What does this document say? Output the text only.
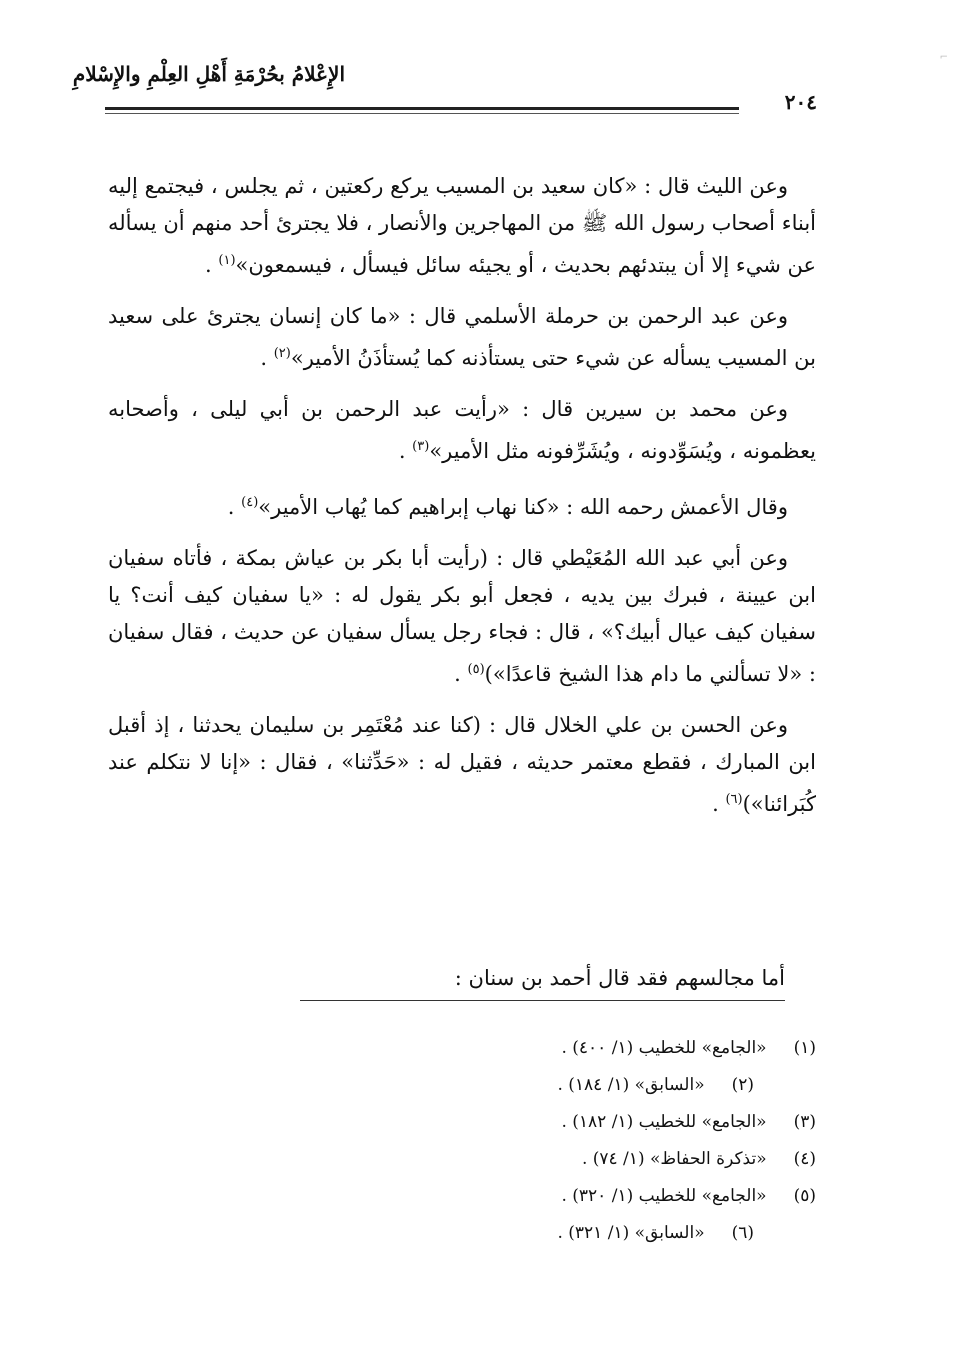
⌐
الإِعْلامُ بحُرْمَةِ أَهْلِ العِلْمِ والإِسْلامِ
٢٠٤

وعن الليث قال : «كان سعيد بن المسيب يركع ركعتين ، ثم يجلس ، فيجتمع إليه أبناء أصحاب رسول الله ﷺ من المهاجرين والأنصار ، فلا يجترئ أحد منهم أن يسأله عن شيء إلا أن يبتدئهم بحديث ، أو يجيئه سائل فيسأل ، فيسمعون»$^{(١)}$ .

وعن عبد الرحمن بن حرملة الأسلمي قال : «ما كان إنسان يجترئ على سعيد بن المسيب يسأله عن شيء حتى يستأذنه كما يُستأذَنُ الأمير»$^{(٢)}$ .

وعن محمد بن سيرين قال : «رأيت عبد الرحمن بن أبي ليلى ، وأصحابه يعظمونه ، ويُسَوِّدونه ، ويُشَرِّفونه مثل الأمير»$^{(٣)}$ .

وقال الأعمش رحمه الله : «كنا نهاب إبراهيم كما يُهاب الأمير»$^{(٤)}$ .

وعن أبي عبد الله المُعَيْطي قال : (رأيت أبا بكر بن عياش بمكة ، فأتاه سفيان ابن عيينة ، فبرك بين يديه ، فجعل أبو بكر يقول له : «يا سفيان كيف أنت؟ يا سفيان كيف عيال أبيك؟» ، قال : فجاء رجل يسأل سفيان عن حديث ، فقال سفيان : «لا تسألني ما دام هذا الشيخ قاعدًا»)$^{(٥)}$ .

وعن الحسن بن علي الخلال قال : (كنا عند مُعْتَمِر بن سليمان يحدثنا ، إذ أقبل ابن المبارك ، فقطع معتمر حديثه ، فقيل له : «حَدِّثنا» ، فقال : «إنا لا نتكلم عند كُبَرائنا»)$^{(٦)}$ .

أما مجالسهم فقد قال أحمد بن سنان :
(١) «الجامع» للخطيب (١/ ٤٠٠) .
(٢) «السابق» (١/ ١٨٤) .
(٣) «الجامع» للخطيب (١/ ١٨٢) .
(٤) «تذكرة الحفاظ» (١/ ٧٤) .
(٥) «الجامع» للخطيب (١/ ٣٢٠) .
(٦) «السابق» (١/ ٣٢١) .
